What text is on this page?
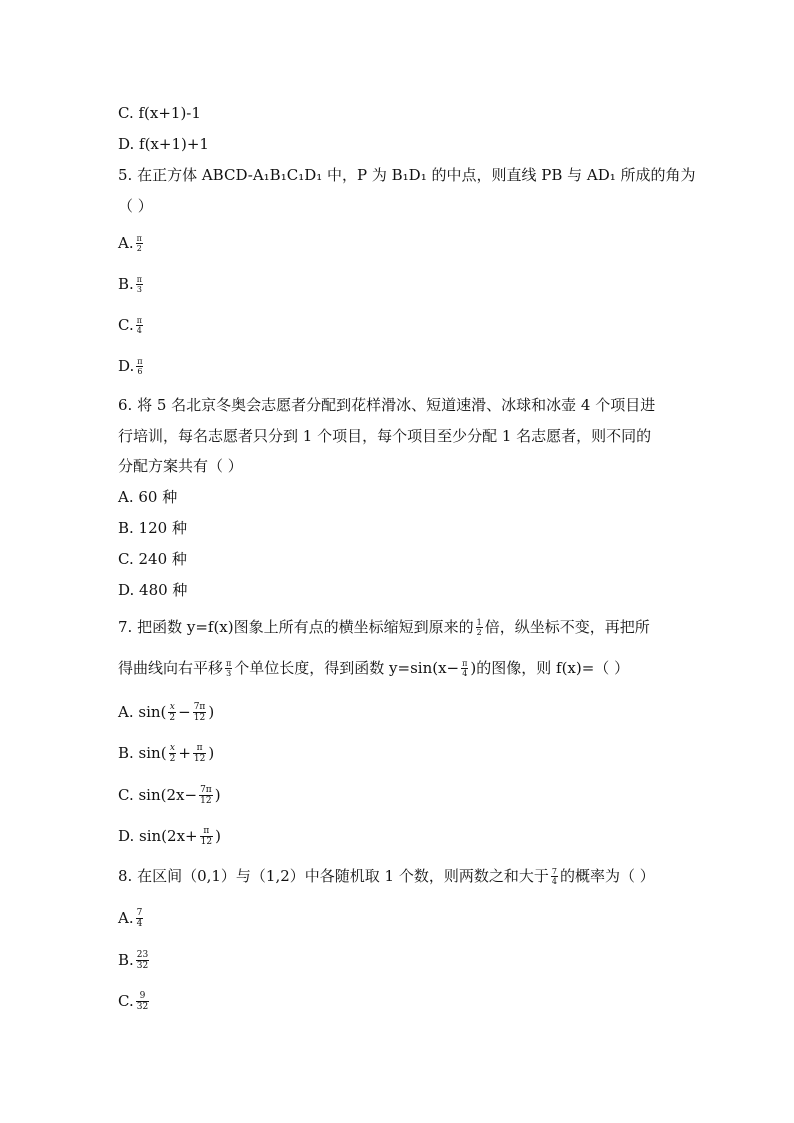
C. f(x+1)-1
D. f(x+1)+1
5. 在正方体 ABCD-A₁B₁C₁D₁ 中，P 为 B₁D₁ 的中点，则直线 PB 与 AD₁ 所成的角为
（ ）
A. $\frac{\pi}{2}$
B. $\frac{\pi}{3}$
C. $\frac{\pi}{4}$
D. $\frac{\pi}{6}$
6. 将 5 名北京冬奥会志愿者分配到花样滑冰、短道速滑、冰球和冰壶 4 个项目进
行培训，每名志愿者只分到 1 个项目，每个项目至少分配 1 名志愿者，则不同的
分配方案共有（ ）
A. 60 种
B. 120 种
C. 240 种
D. 480 种
7. 把函数 y=f(x)图象上所有点的横坐标缩短到原来的 $\frac{1}{2}$ 倍，纵坐标不变，再把所
得曲线向右平移 $\frac{\pi}{3}$ 个单位长度，得到函数 $y=\sin(x- \frac{\pi}{4}$ )的图像，则 f(x)=（ ）
A. $\sin( \frac{x}{2} - \frac{7\pi}{12}$ )
B. $\sin( \frac{x}{2} + \frac{\pi}{12}$ )
C. $\sin(2x- \frac{7\pi}{12}$ )
D. $\sin(2x+ \frac{\pi}{12}$ )
8. 在区间（0,1）与（1,2）中各随机取 1 个数，则两数之和大于 $\frac{7}{4}$ 的概率为（ ）
A. $\frac{7}{4}$
B. $\frac{23}{32}$
C. $\frac{9}{32}$
